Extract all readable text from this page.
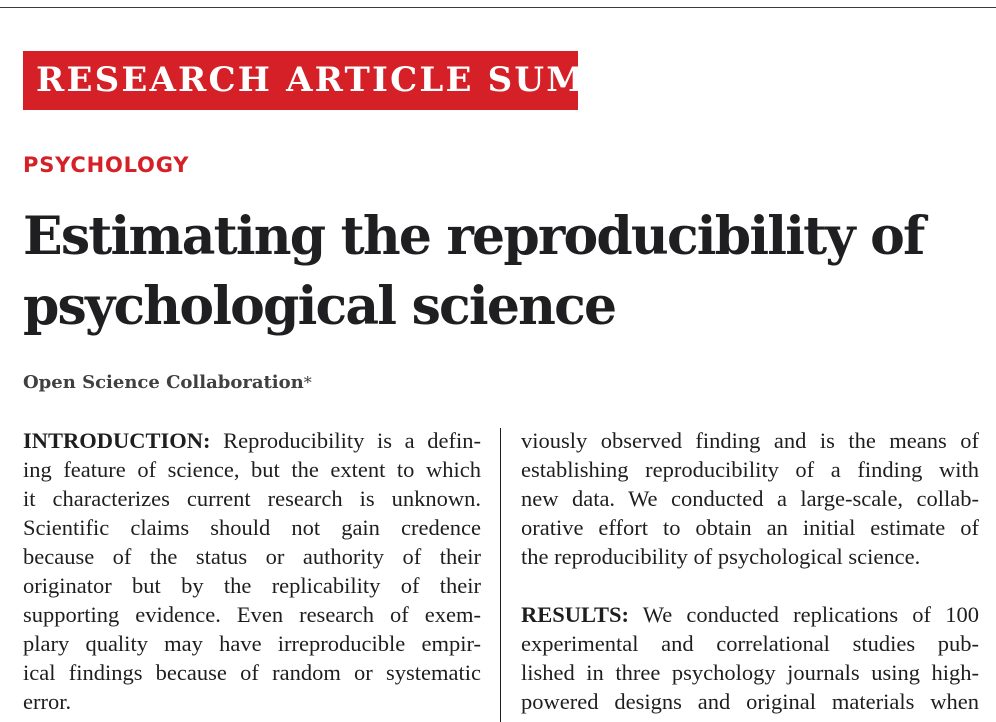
RESEARCH ARTICLE SUMMARY
PSYCHOLOGY
Estimating the reproducibility of
psychological science
Open Science Collaboration*

INTRODUCTION: Reproducibility is a defin-
ing feature of science, but the extent to which
it characterizes current research is unknown.
Scientific claims should not gain credence
because of the status or authority of their
originator but by the replicability of their
supporting evidence. Even research of exem-
plary quality may have irreproducible empir-
ical findings because of random or systematic
error.

viously observed finding and is the means of
establishing reproducibility of a finding with
new data. We conducted a large-scale, collab-
orative effort to obtain an initial estimate of
the reproducibility of psychological science.

RESULTS: We conducted replications of 100
experimental and correlational studies pub-
lished in three psychology journals using high-
powered designs and original materials when
